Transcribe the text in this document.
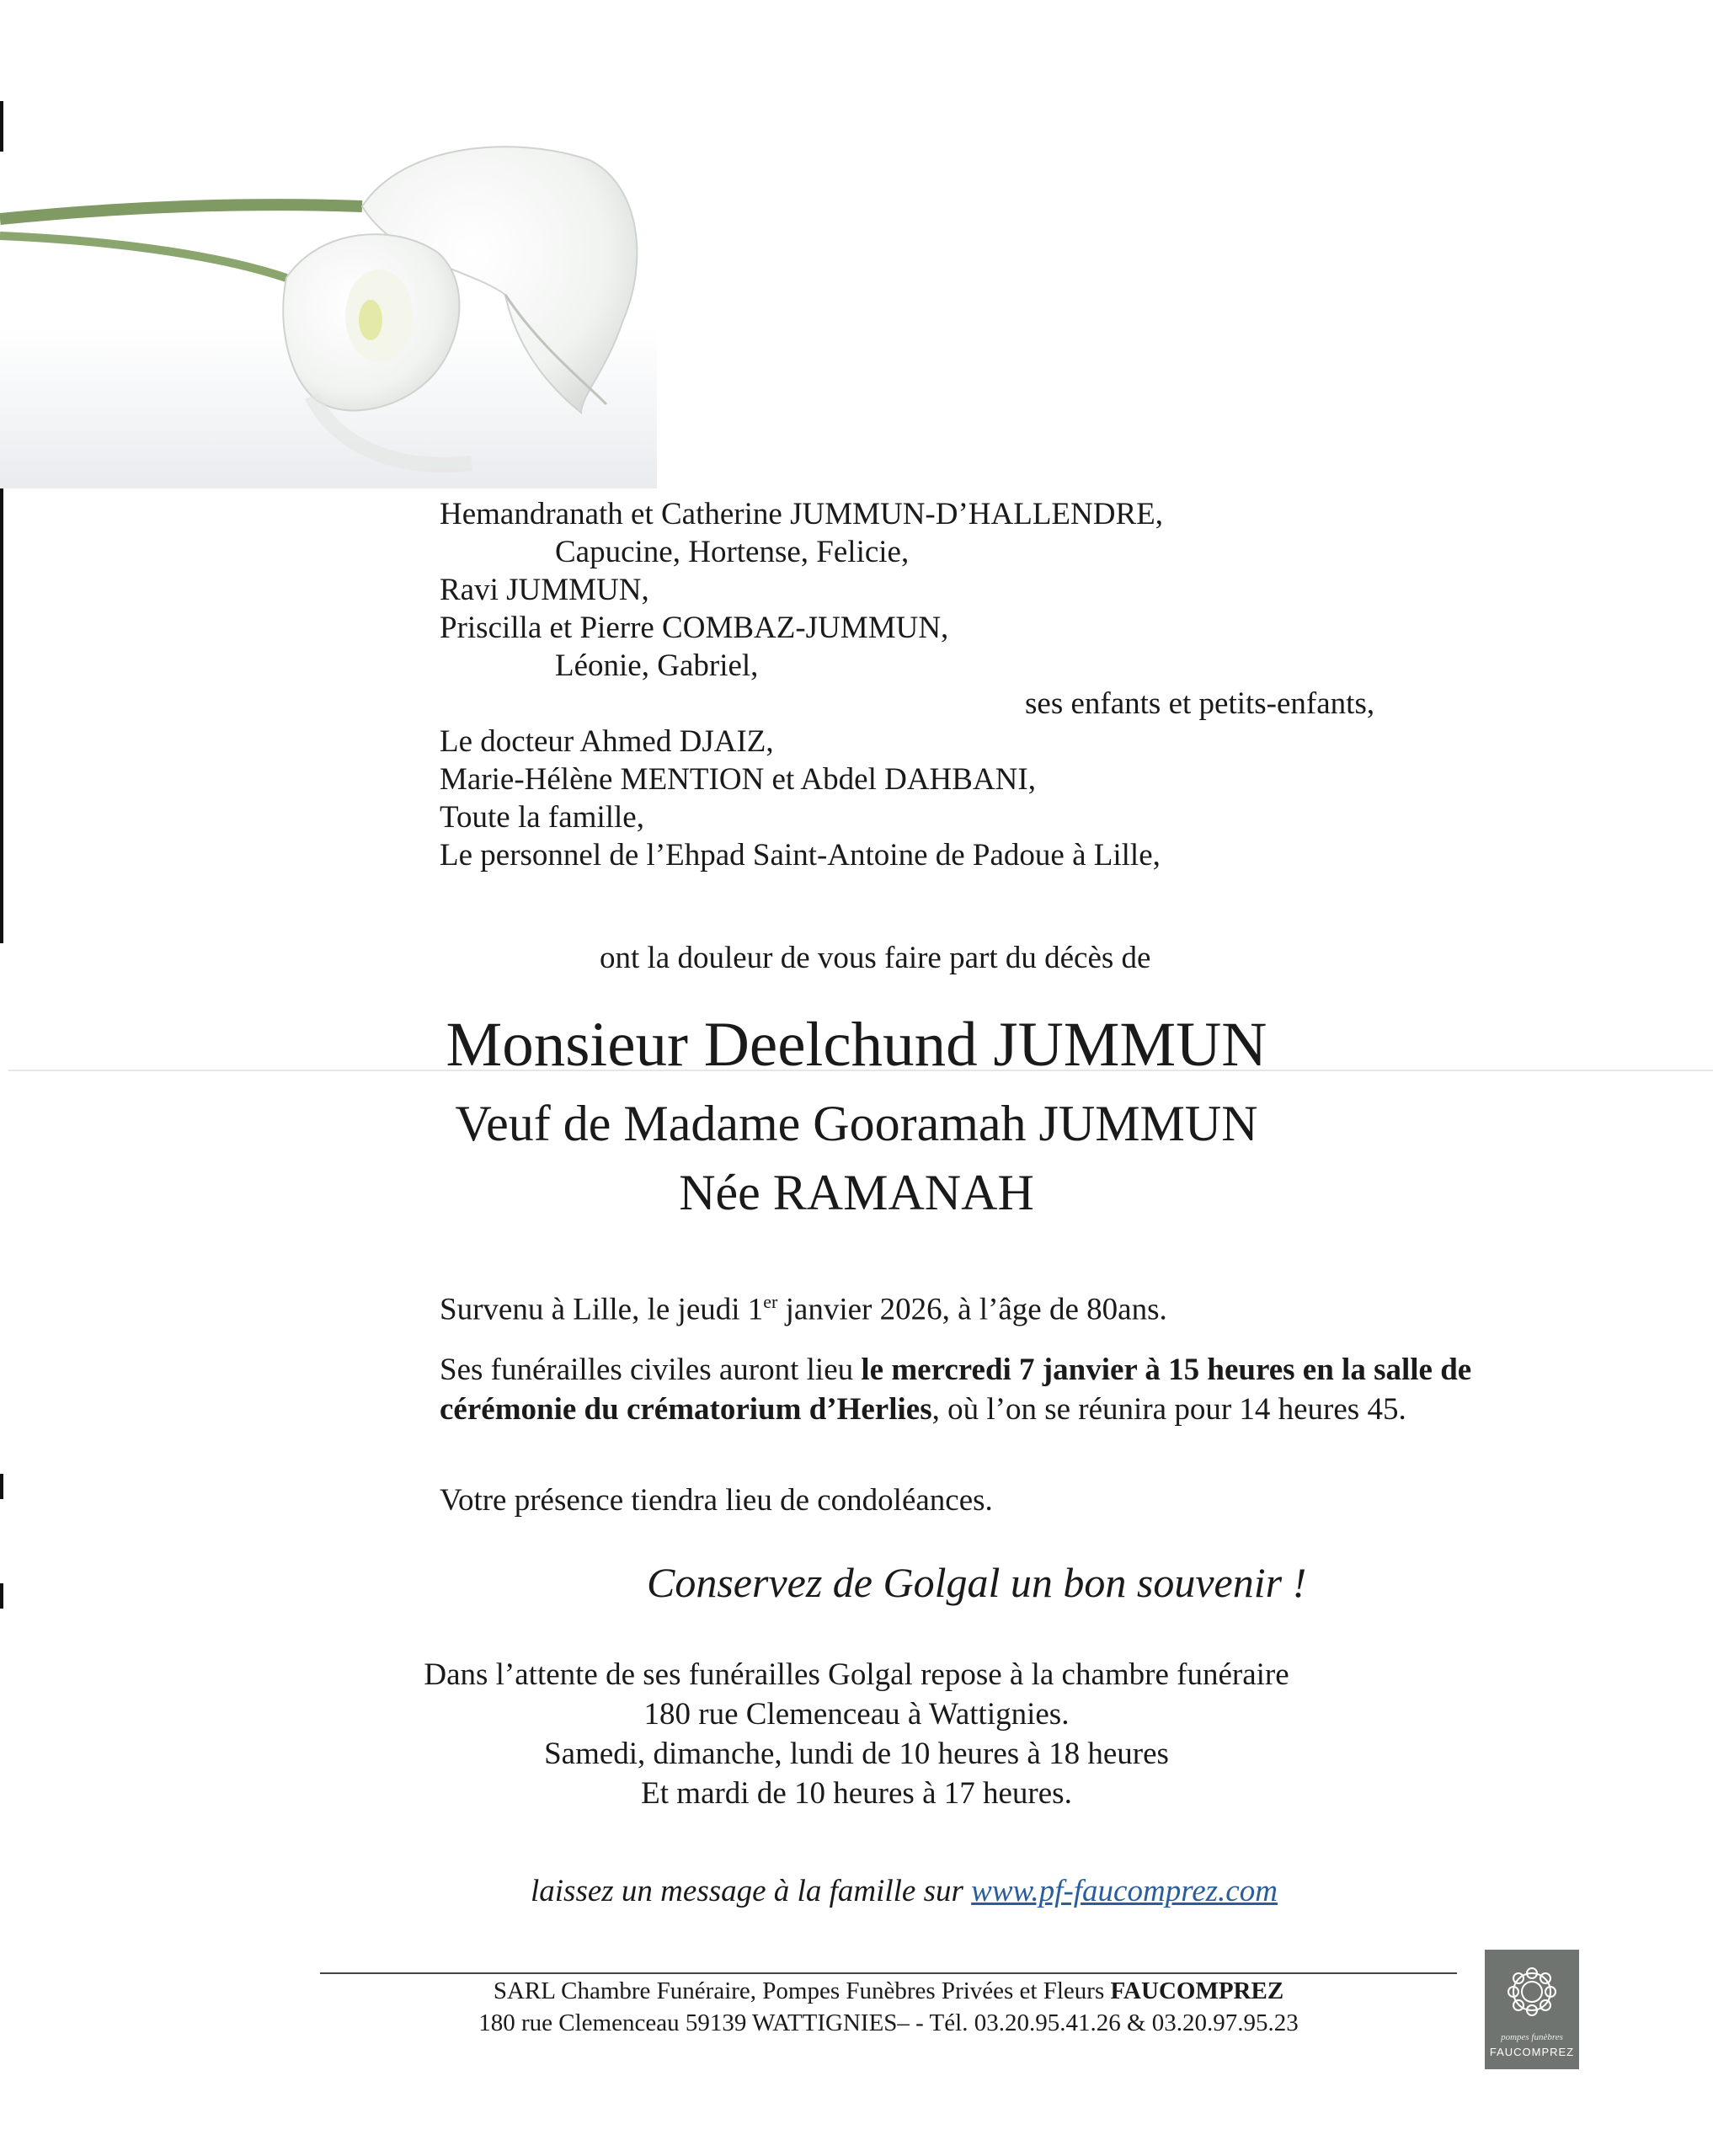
Hemandranath et Catherine JUMMUN-D’HALLENDRE,
Capucine, Hortense, Felicie,
Ravi JUMMUN,
Priscilla et Pierre COMBAZ-JUMMUN,
Léonie, Gabriel,
ses enfants et petits-enfants,
Le docteur Ahmed DJAIZ,
Marie-Hélène MENTION et Abdel DAHBANI,
Toute la famille,
Le personnel de l’Ehpad Saint-Antoine de Padoue à Lille,
ont la douleur de vous faire part du décès de
Monsieur Deelchund JUMMUN
Veuf de Madame Gooramah JUMMUN
Née RAMANAH
Survenu à Lille, le jeudi 1er janvier 2026, à l’âge de 80ans.
Ses funérailles civiles auront lieu le mercredi 7 janvier à 15 heures en la salle de
cérémonie du crématorium d’Herlies, où l’on se réunira pour 14 heures 45.
Votre présence tiendra lieu de condoléances.
Conservez de Golgal un bon souvenir !
Dans l’attente de ses funérailles Golgal repose à la chambre funéraire
180 rue Clemenceau à Wattignies.
Samedi, dimanche, lundi de 10 heures à 18 heures
Et mardi de 10 heures à 17 heures.
laissez un message à la famille sur www.pf-faucomprez.com
SARL Chambre Funéraire, Pompes Funèbres Privées et Fleurs FAUCOMPREZ
180 rue Clemenceau 59139 WATTIGNIES– - Tél. 03.20.95.41.26 & 03.20.97.95.23
pompes funèbres
FAUCOMPREZ
